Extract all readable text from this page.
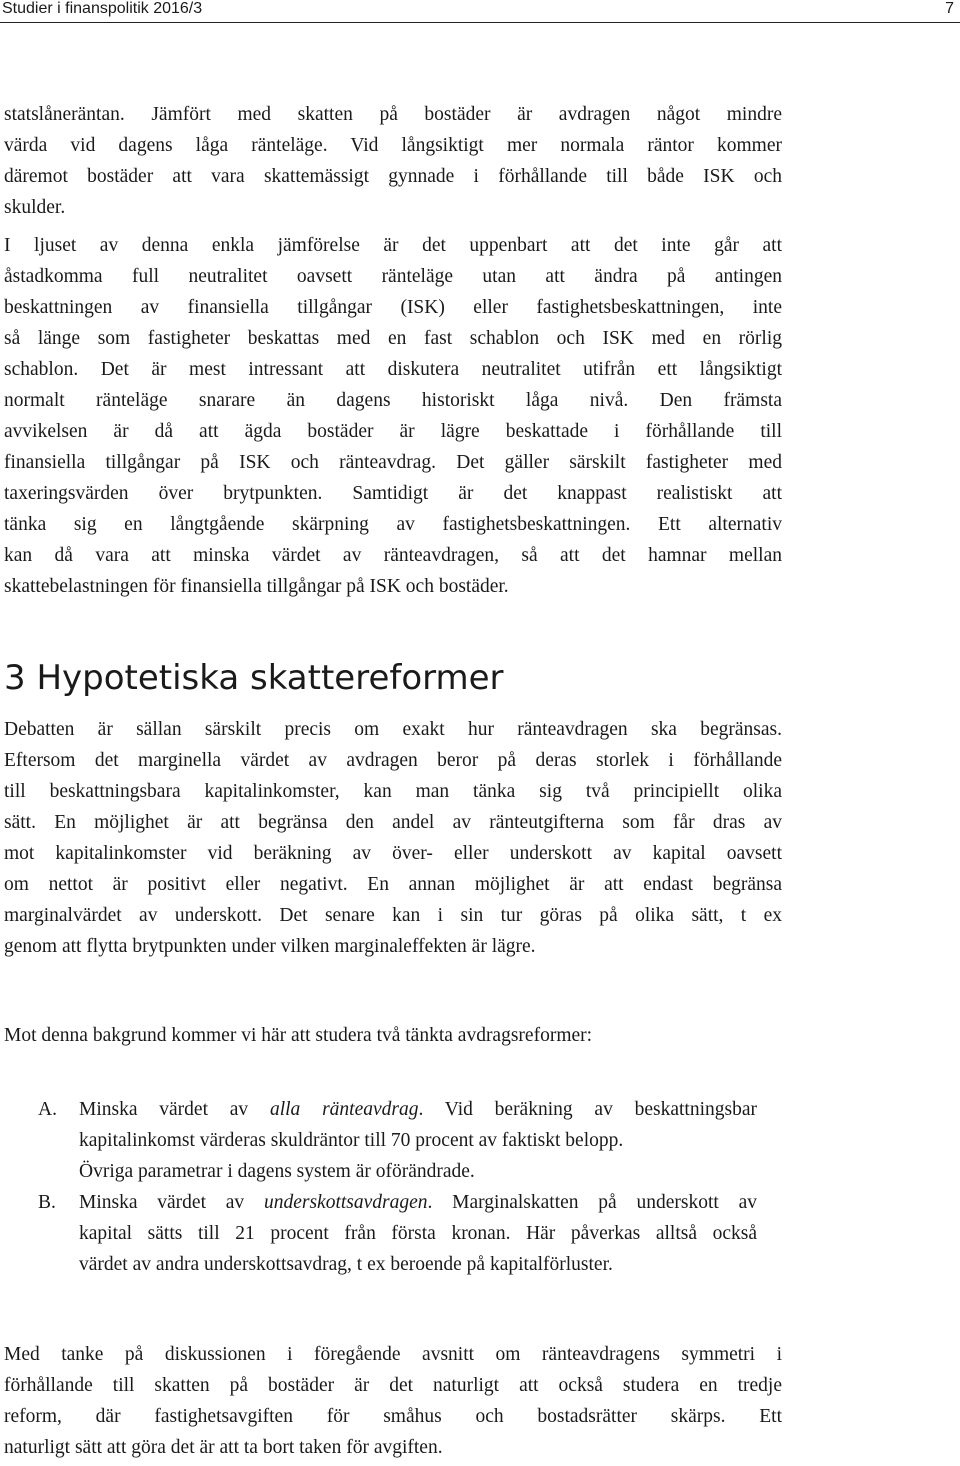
Studier i finanspolitik 2016/3	7
statslåneräntan. Jämfört med skatten på bostäder är avdragen något mindre
värda vid dagens låga ränteläge. Vid långsiktigt mer normala räntor kommer
däremot bostäder att vara skattemässigt gynnade i förhållande till både ISK och
skulder.
I ljuset av denna enkla jämförelse är det uppenbart att det inte går att
åstadkomma full neutralitet oavsett ränteläge utan att ändra på antingen
beskattningen av finansiella tillgångar (ISK) eller fastighetsbeskattningen, inte
så länge som fastigheter beskattas med en fast schablon och ISK med en rörlig
schablon. Det är mest intressant att diskutera neutralitet utifrån ett långsiktigt
normalt ränteläge snarare än dagens historiskt låga nivå. Den främsta
avvikelsen är då att ägda bostäder är lägre beskattade i förhållande till
finansiella tillgångar på ISK och ränteavdrag. Det gäller särskilt fastigheter med
taxeringsvärden över brytpunkten. Samtidigt är det knappast realistiskt att
tänka sig en långtgående skärpning av fastighetsbeskattningen. Ett alternativ
kan då vara att minska värdet av ränteavdragen, så att det hamnar mellan
skattebelastningen för finansiella tillgångar på ISK och bostäder.
3 Hypotetiska skattereformer
Debatten är sällan särskilt precis om exakt hur ränteavdragen ska begränsas.
Eftersom det marginella värdet av avdragen beror på deras storlek i förhållande
till beskattningsbara kapitalinkomster, kan man tänka sig två principiellt olika
sätt. En möjlighet är att begränsa den andel av ränteutgifterna som får dras av
mot kapitalinkomster vid beräkning av över- eller underskott av kapital oavsett
om nettot är positivt eller negativt. En annan möjlighet är att endast begränsa
marginalvärdet av underskott. Det senare kan i sin tur göras på olika sätt, t ex
genom att flytta brytpunkten under vilken marginaleffekten är lägre.
Mot denna bakgrund kommer vi här att studera två tänkta avdragsreformer:
A. Minska värdet av alla ränteavdrag. Vid beräkning av beskattningsbar
kapitalinkomst värderas skuldräntor till 70 procent av faktiskt belopp.
Övriga parametrar i dagens system är oförändrade.
B. Minska värdet av underskottsavdragen. Marginalskatten på underskott av
kapital sätts till 21 procent från första kronan. Här påverkas alltså också
värdet av andra underskottsavdrag, t ex beroende på kapitalförluster.
Med tanke på diskussionen i föregående avsnitt om ränteavdragens symmetri i
förhållande till skatten på bostäder är det naturligt att också studera en tredje
reform, där fastighetsavgiften för småhus och bostadsrätter skärps. Ett
naturligt sätt att göra det är att ta bort taken för avgiften.
